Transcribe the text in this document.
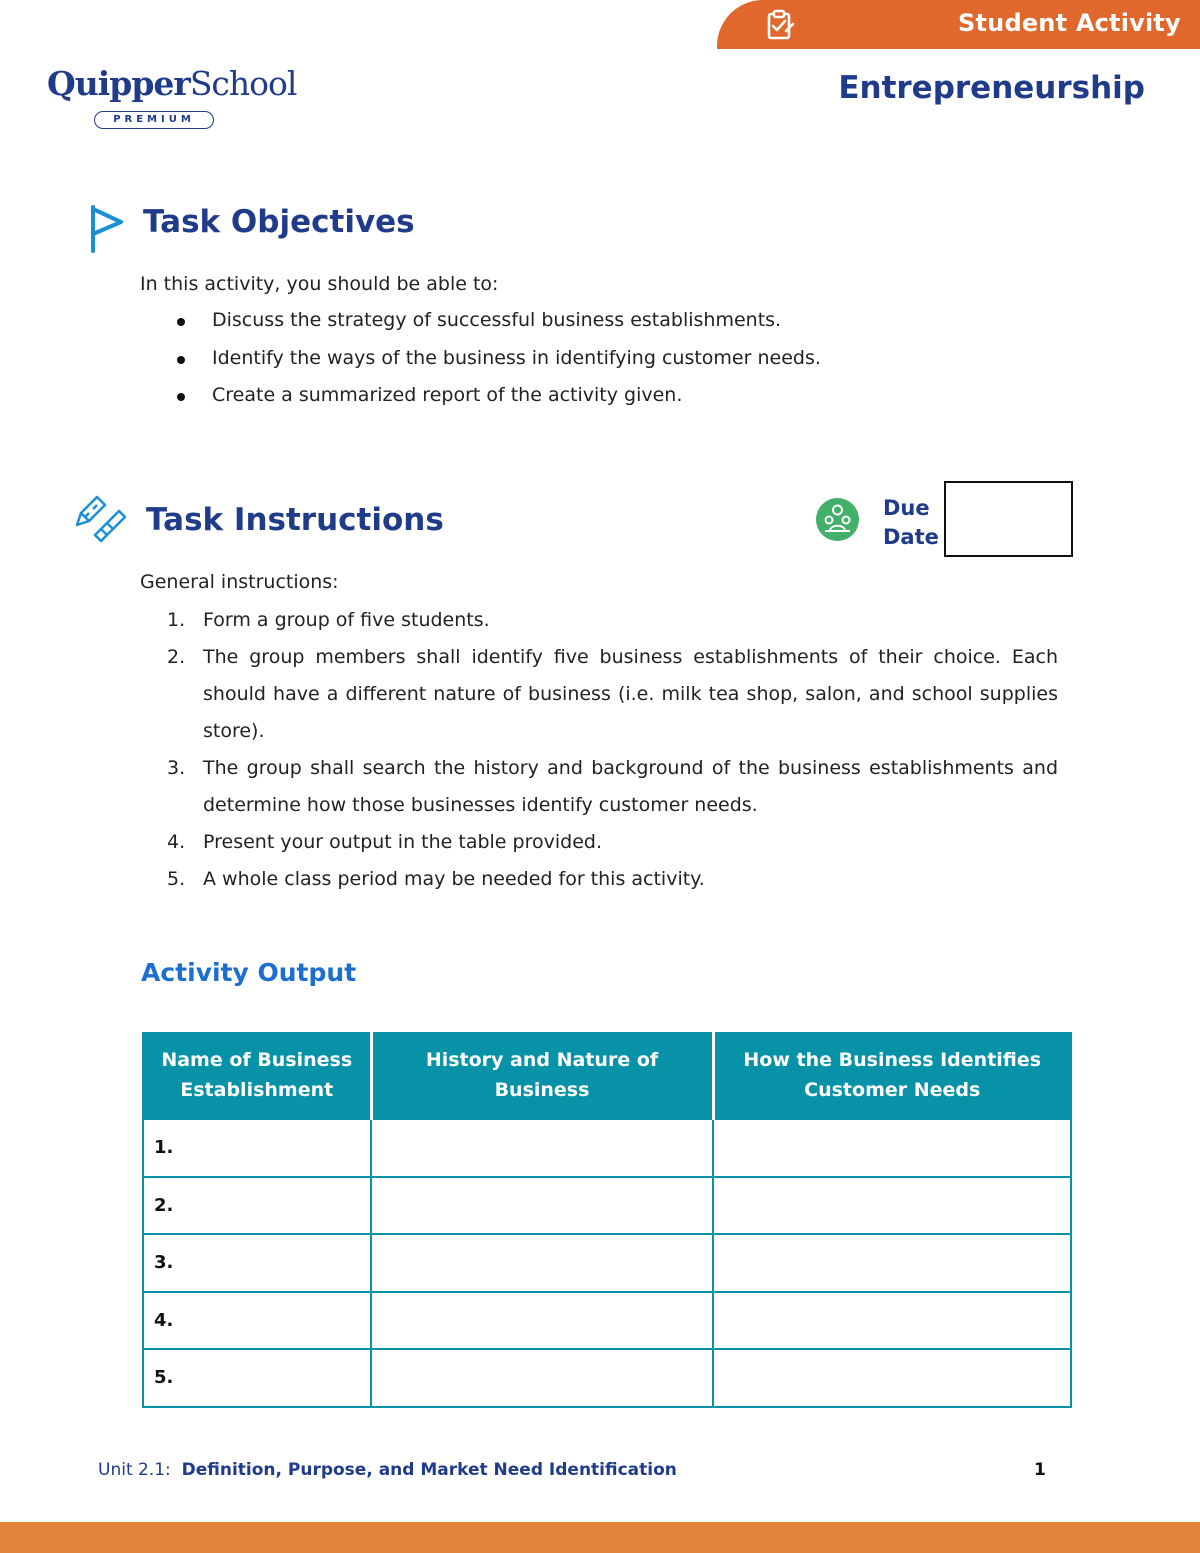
Student Activity
QuipperSchool
PREMIUM
Entrepreneurship
Task Objectives
In this activity, you should be able to:
Discuss the strategy of successful business establishments.
Identify the ways of the business in identifying customer needs.
Create a summarized report of the activity given.
Task Instructions	Due
Date
General instructions:
1. Form a group of five students.
2. The group members shall identify five business establishments of their choice. Each should have a different nature of business (i.e. milk tea shop, salon, and school supplies store).
3. The group shall search the history and background of the business establishments and determine how those businesses identify customer needs.
4. Present your output in the table provided.
5. A whole class period may be needed for this activity.
Activity Output
Name of Business Establishment	History and Nature of Business	How the Business Identifies Customer Needs
1.		
2.		
3.		
4.		
5.		
Unit 2.1: Definition, Purpose, and Market Need Identification	1
